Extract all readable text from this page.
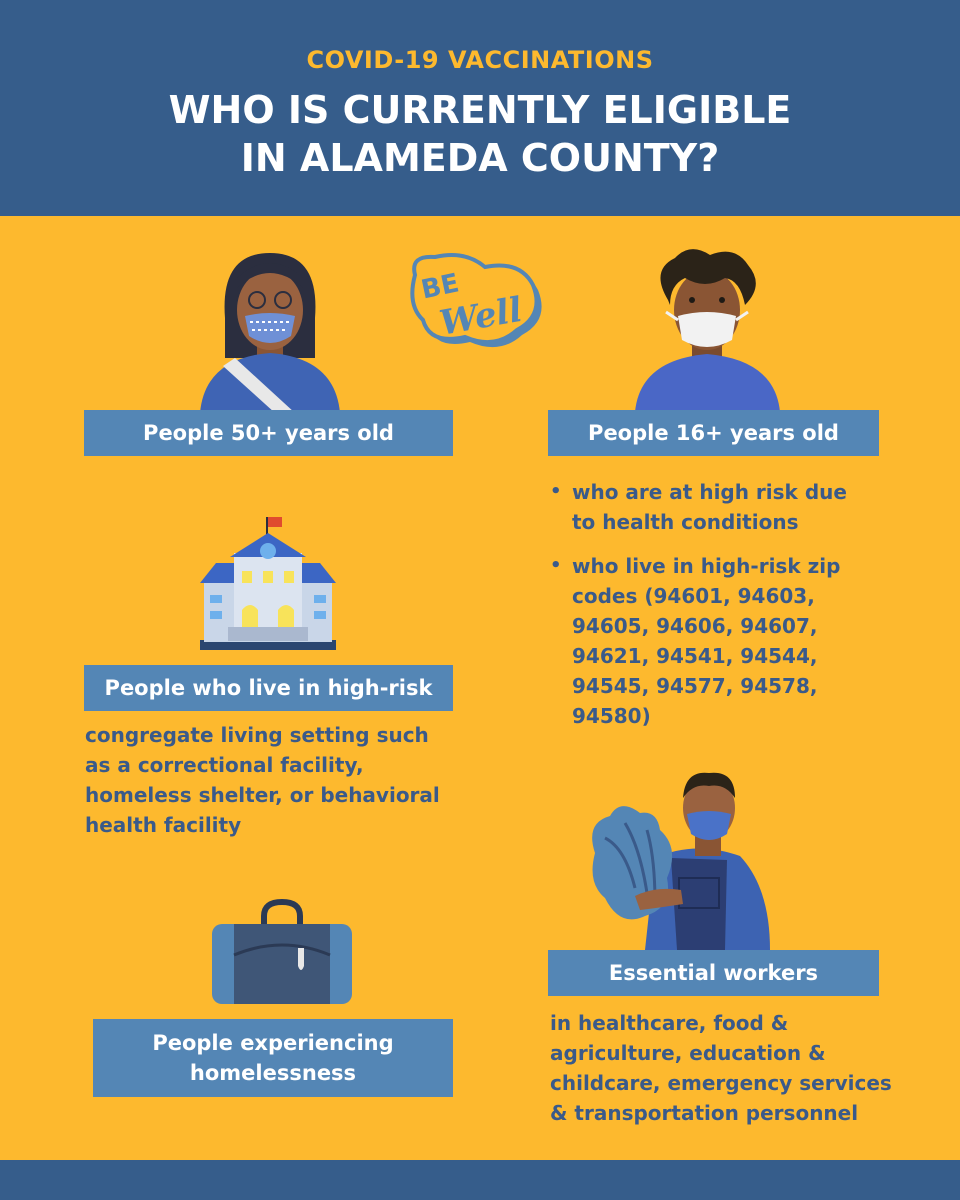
COVID-19 VACCINATIONS
WHO IS CURRENTLY ELIGIBLE
IN ALAMEDA COUNTY?
BE
Well
People 50+ years old	People 16+ years old
• who are at high risk due to health conditions
• who live in high-risk zip codes (94601, 94603, 94605, 94606, 94607, 94621, 94541, 94544, 94545, 94577, 94578, 94580)
People who live in high-risk
congregate living setting such as a correctional facility, homeless shelter, or behavioral health facility
Essential workers
in healthcare, food & agriculture, education & childcare, emergency services & transportation personnel
People experiencing
homelessness
